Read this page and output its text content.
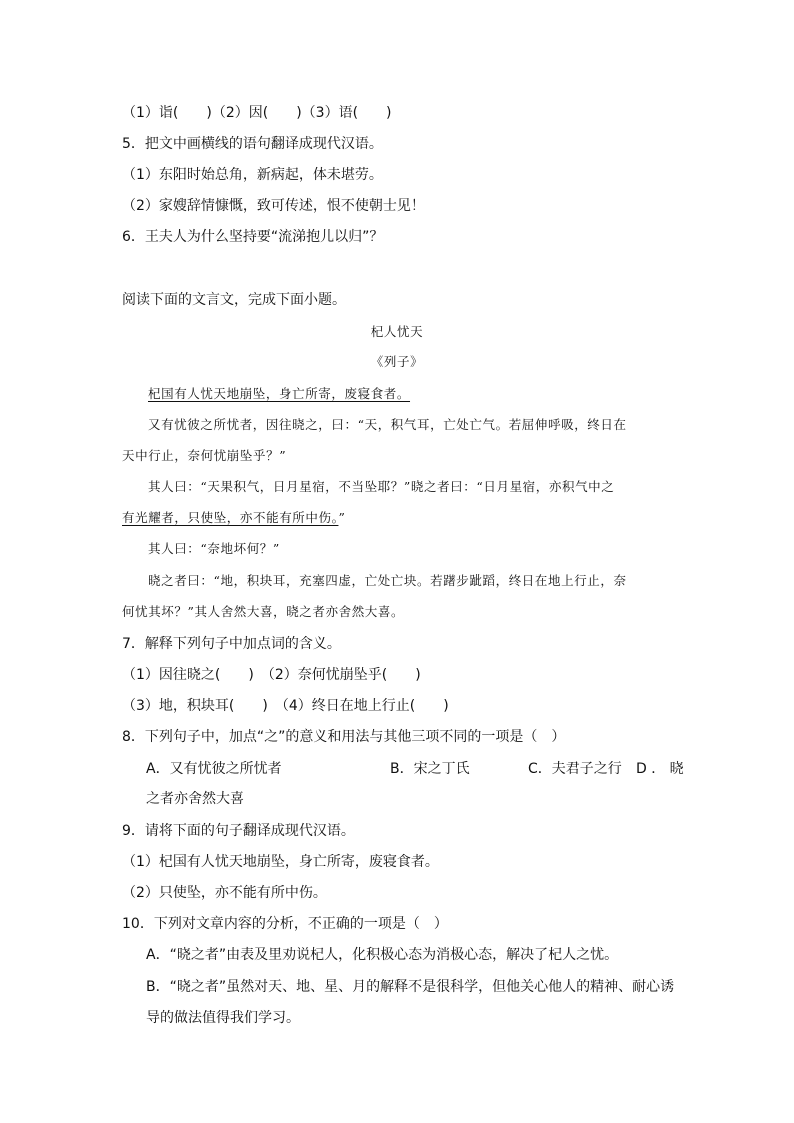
（1）诣(　　)（2）因(　　)（3）语(　　)
5．把文中画横线的语句翻译成现代汉语。
（1）东阳时始总角，新病起，体未堪劳。
（2）家嫂辞情慷慨，致可传述，恨不使朝士见！
6．王夫人为什么坚持要“流涕抱儿以归”？
阅读下面的文言文，完成下面小题。
杞人忧天
《列子》
杞国有人忧天地崩坠，身亡所寄，废寝食者。
又有忧彼之所忧者，因往晓之，曰：“天，积气耳，亡处亡气。若屈伸呼吸，终日在
天中行止，奈何忧崩坠乎？”
其人曰：“天果积气，日月星宿，不当坠耶？”晓之者曰：“日月星宿，亦积气中之
有光耀者，只使坠，亦不能有所中伤。”
其人曰：“奈地坏何？”
晓之者曰：“地，积块耳，充塞四虚，亡处亡块。若躇步跐蹈，终日在地上行止，奈
何忧其坏？”其人舍然大喜，晓之者亦舍然大喜。
7．解释下列句子中加点词的含义。
（1）因往晓之(　　)　（2）奈何忧崩坠乎(　　)
（3）地，积块耳(　　)　（4）终日在地上行止(　　)
8．下列句子中，加点“之”的意义和用法与其他三项不同的一项是（　）
A．又有忧彼之所忧者	B．宋之丁氏	C．夫君子之行 D ． 晓
之者亦舍然大喜
9．请将下面的句子翻译成现代汉语。
（1）杞国有人忧天地崩坠，身亡所寄，废寝食者。
（2）只使坠，亦不能有所中伤。
10．下列对文章内容的分析，不正确的一项是（　）
A．“晓之者”由表及里劝说杞人，化积极心态为消极心态，解决了杞人之忧。
B．“晓之者”虽然对天、地、星、月的解释不是很科学，但他关心他人的精神、耐心诱
导的做法值得我们学习。
